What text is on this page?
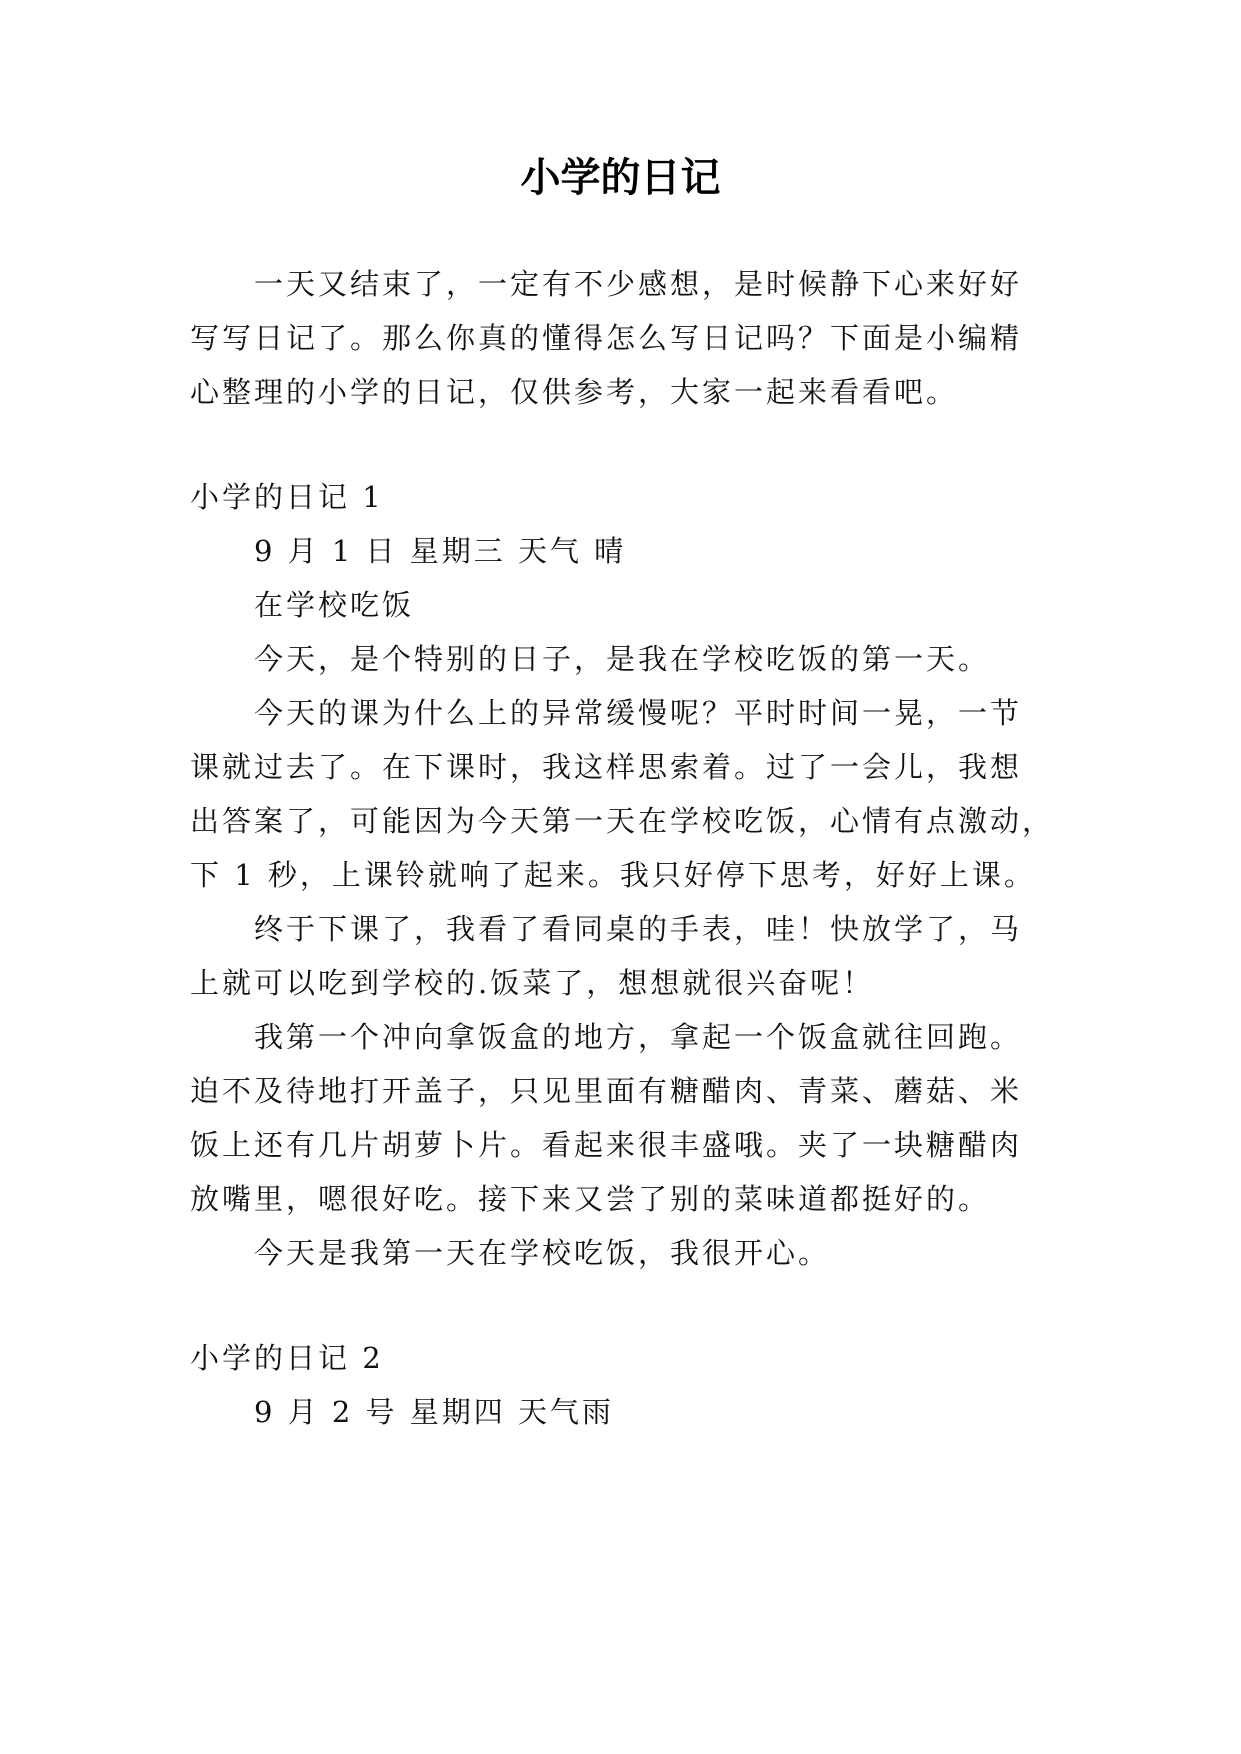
小学的日记

一天又结束了，一定有不少感想，是时候静下心来好好

写写日记了。那么你真的懂得怎么写日记吗？下面是小编精

心整理的小学的日记，仅供参考，大家一起来看看吧。

小学的日记 1

9 月 1 日 星期三 天气 晴

在学校吃饭

今天，是个特别的日子，是我在学校吃饭的第一天。

今天的课为什么上的异常缓慢呢？平时时间一晃，一节

课就过去了。在下课时，我这样思索着。过了一会儿，我想

出答案了，可能因为今天第一天在学校吃饭，心情有点激动，

下 1 秒，上课铃就响了起来。我只好停下思考，好好上课。

终于下课了，我看了看同桌的手表，哇！快放学了，马

上就可以吃到学校的.饭菜了，想想就很兴奋呢！

我第一个冲向拿饭盒的地方，拿起一个饭盒就往回跑。

迫不及待地打开盖子，只见里面有糖醋肉、青菜、蘑菇、米

饭上还有几片胡萝卜片。看起来很丰盛哦。夹了一块糖醋肉

放嘴里，嗯很好吃。接下来又尝了别的菜味道都挺好的。

今天是我第一天在学校吃饭，我很开心。

小学的日记 2

9 月 2 号 星期四 天气雨
